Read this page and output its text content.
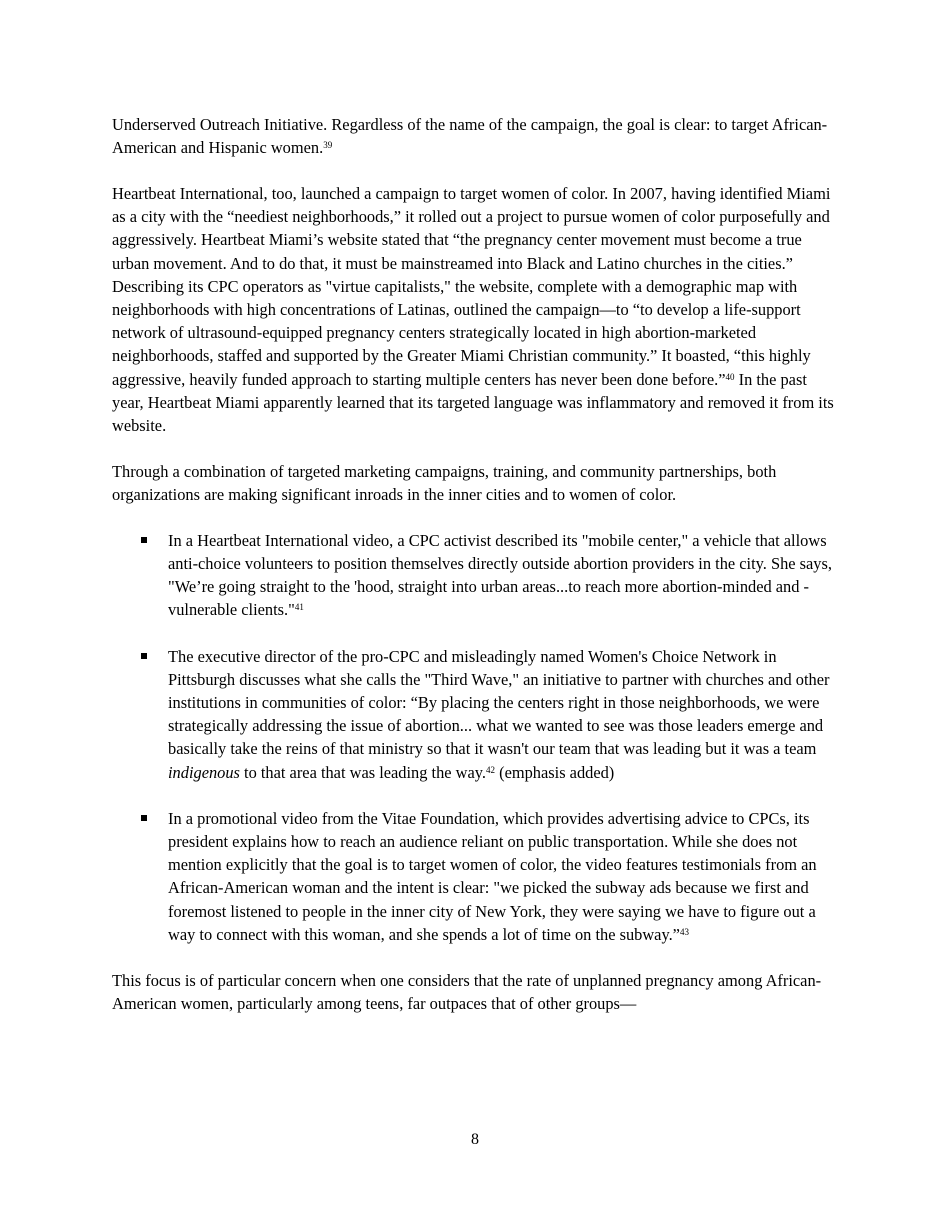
Underserved Outreach Initiative. Regardless of the name of the campaign, the goal is clear: to target African-American and Hispanic women.$^{39}$

Heartbeat International, too, launched a campaign to target women of color. In 2007, having identified Miami as a city with the “neediest neighborhoods,” it rolled out a project to pursue women of color purposefully and aggressively. Heartbeat Miami’s website stated that “the pregnancy center movement must become a true urban movement. And to do that, it must be mainstreamed into Black and Latino churches in the cities.” Describing its CPC operators as "virtue capitalists," the website, complete with a demographic map with neighborhoods with high concentrations of Latinas, outlined the campaign—to “to develop a life-support network of ultrasound-equipped pregnancy centers strategically located in high abortion-marketed neighborhoods, staffed and supported by the Greater Miami Christian community.” It boasted, “this highly aggressive, heavily funded approach to starting multiple centers has never been done before.”$^{40}$ In the past year, Heartbeat Miami apparently learned that its targeted language was inflammatory and removed it from its website.

Through a combination of targeted marketing campaigns, training, and community partnerships, both organizations are making significant inroads in the inner cities and to women of color.

In a Heartbeat International video, a CPC activist described its "mobile center," a vehicle that allows anti-choice volunteers to position themselves directly outside abortion providers in the city. She says, "We’re going straight to the 'hood, straight into urban areas...to reach more abortion-minded and -vulnerable clients."$^{41}$
The executive director of the pro-CPC and misleadingly named Women's Choice Network in Pittsburgh discusses what she calls the "Third Wave," an initiative to partner with churches and other institutions in communities of color: “By placing the centers right in those neighborhoods, we were strategically addressing the issue of abortion... what we wanted to see was those leaders emerge and basically take the reins of that ministry so that it wasn't our team that was leading but it was a team indigenous to that area that was leading the way.$^{42}$ (emphasis added)
In a promotional video from the Vitae Foundation, which provides advertising advice to CPCs, its president explains how to reach an audience reliant on public transportation. While she does not mention explicitly that the goal is to target women of color, the video features testimonials from an African-American woman and the intent is clear: "we picked the subway ads because we first and foremost listened to people in the inner city of New York, they were saying we have to figure out a way to connect with this woman, and she spends a lot of time on the subway.”$^{43}$

This focus is of particular concern when one considers that the rate of unplanned pregnancy among African-American women, particularly among teens, far outpaces that of other groups—

8
